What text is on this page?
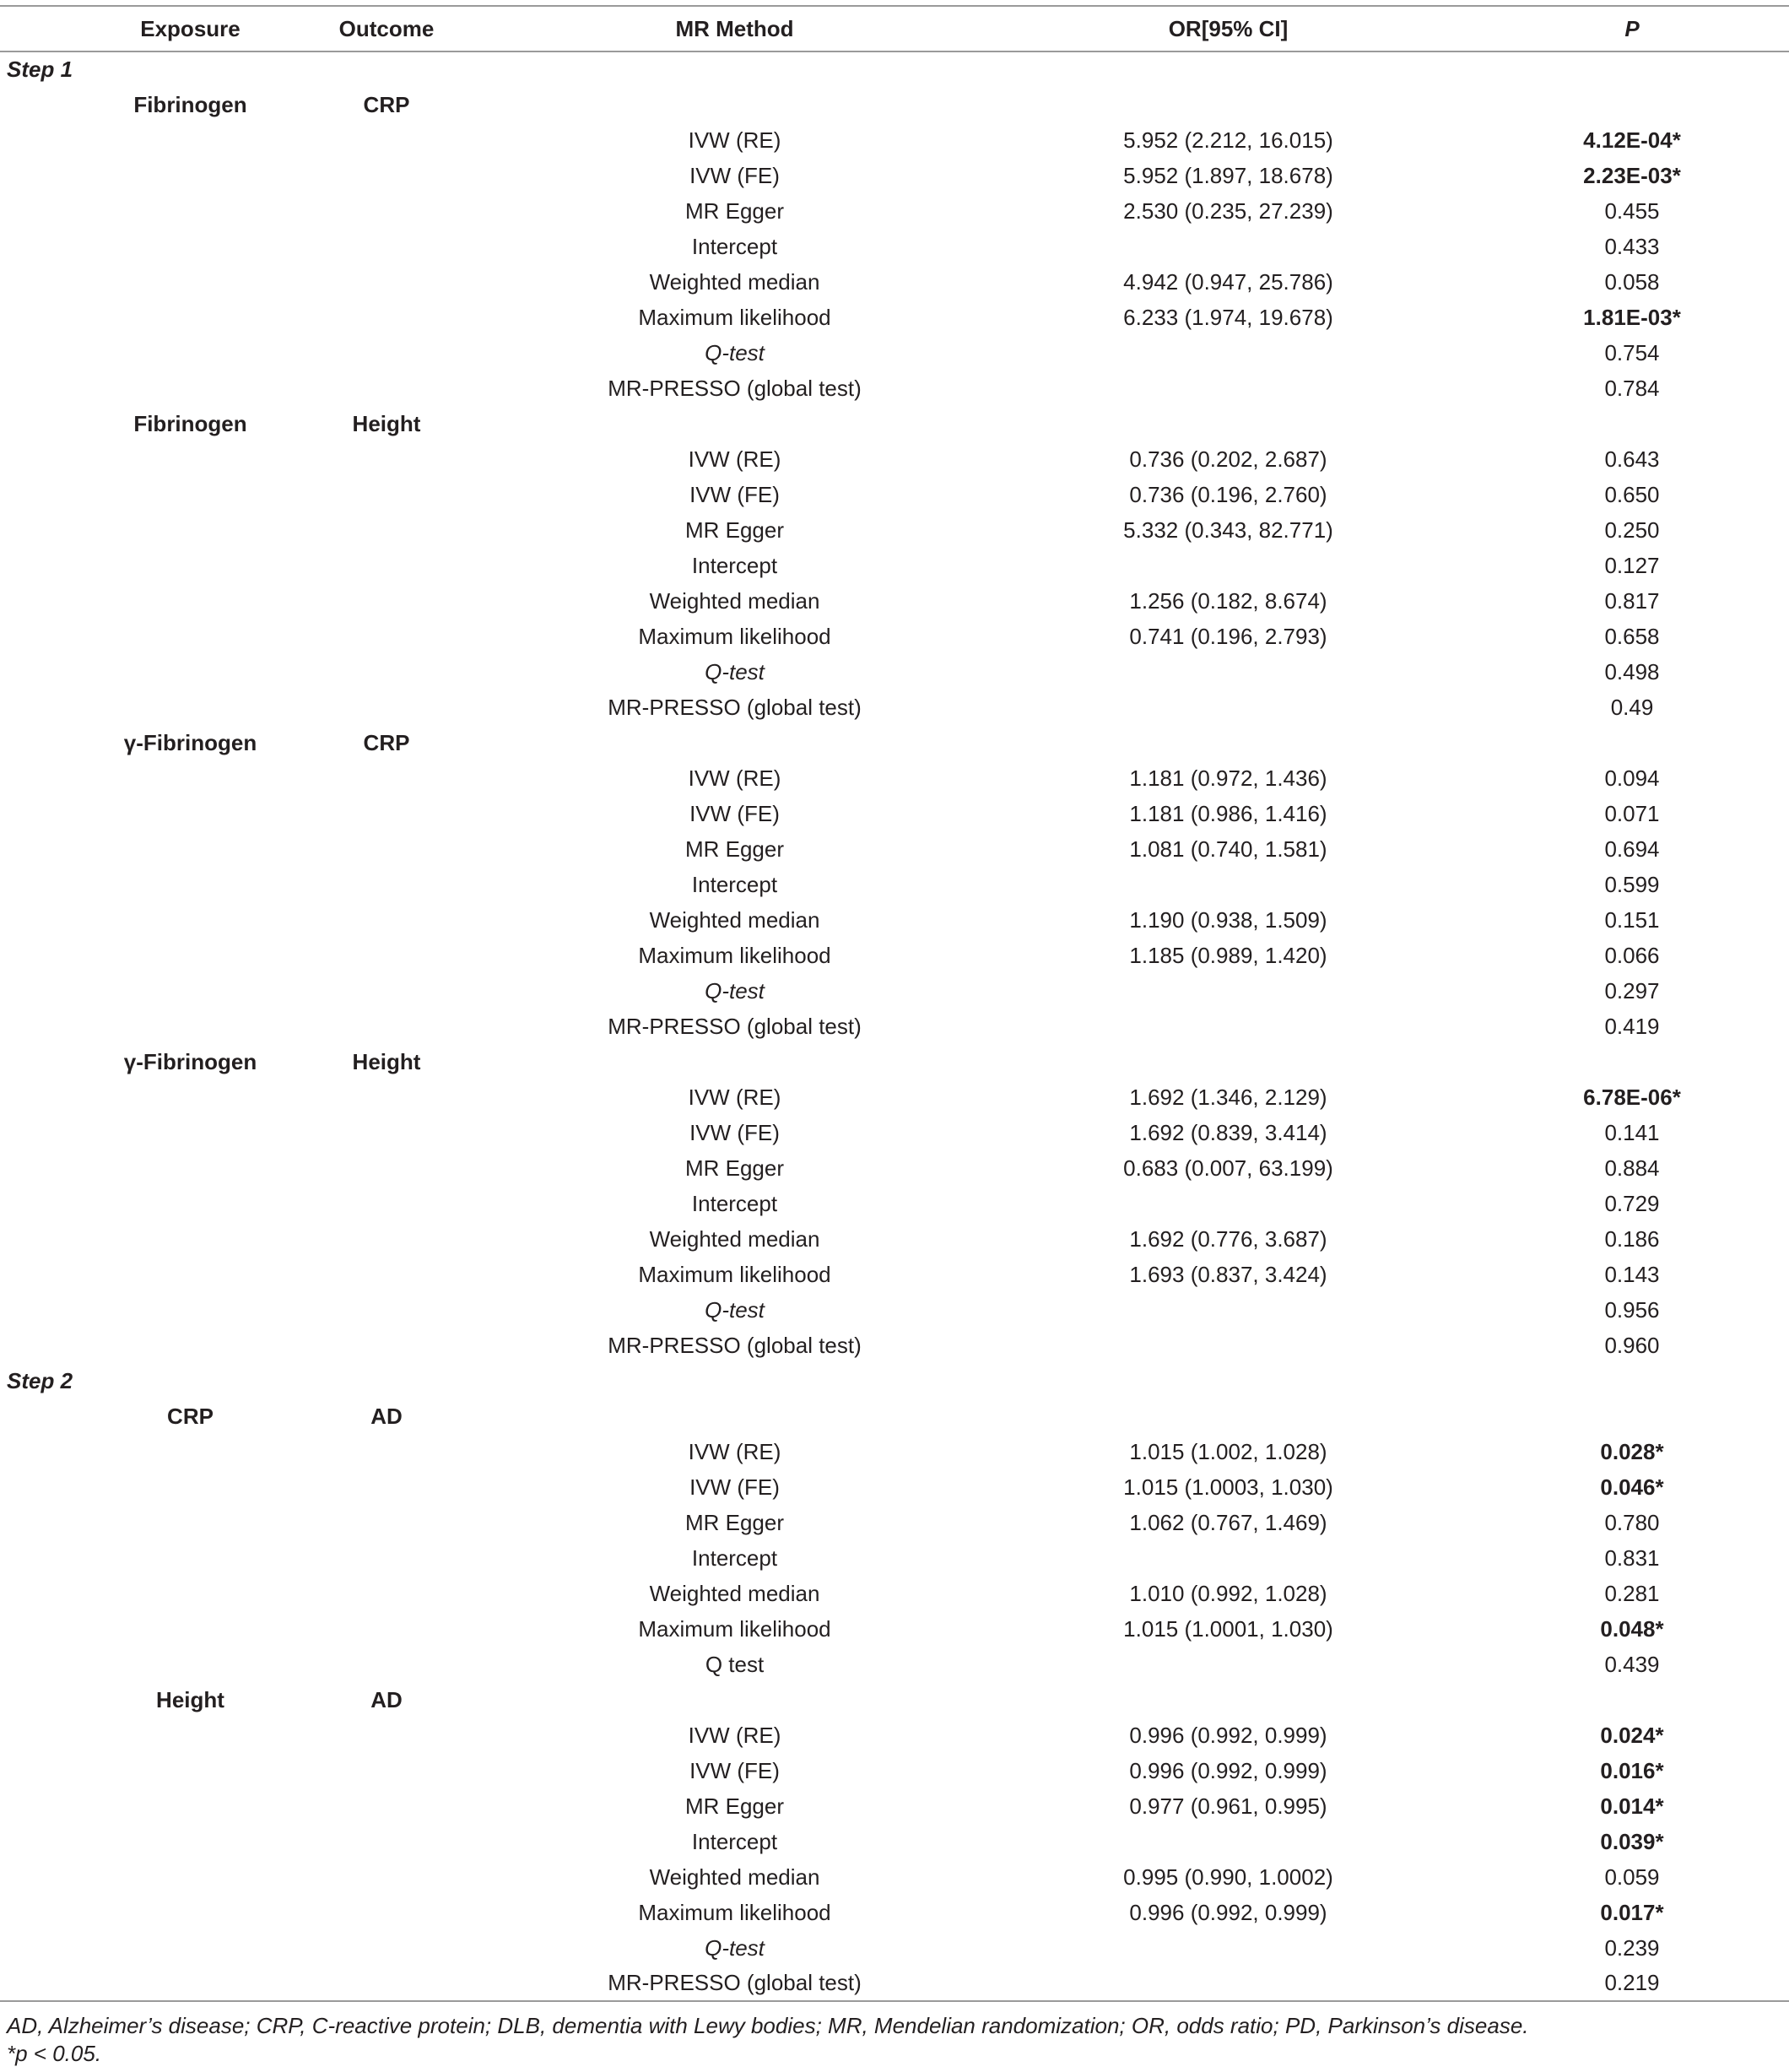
	Exposure	Outcome	MR Method	OR[95% CI]	P
Step 1					
	Fibrinogen	CRP			
			IVW (RE)	5.952 (2.212, 16.015)	4.12E-04*
			IVW (FE)	5.952 (1.897, 18.678)	2.23E-03*
			MR Egger	2.530 (0.235, 27.239)	0.455
			Intercept		0.433
			Weighted median	4.942 (0.947, 25.786)	0.058
			Maximum likelihood	6.233 (1.974, 19.678)	1.81E-03*
			Q-test		0.754
			MR-PRESSO (global test)		0.784
	Fibrinogen	Height			
			IVW (RE)	0.736 (0.202, 2.687)	0.643
			IVW (FE)	0.736 (0.196, 2.760)	0.650
			MR Egger	5.332 (0.343, 82.771)	0.250
			Intercept		0.127
			Weighted median	1.256 (0.182, 8.674)	0.817
			Maximum likelihood	0.741 (0.196, 2.793)	0.658
			Q-test		0.498
			MR-PRESSO (global test)		0.49
	γ-Fibrinogen	CRP			
			IVW (RE)	1.181 (0.972, 1.436)	0.094
			IVW (FE)	1.181 (0.986, 1.416)	0.071
			MR Egger	1.081 (0.740, 1.581)	0.694
			Intercept		0.599
			Weighted median	1.190 (0.938, 1.509)	0.151
			Maximum likelihood	1.185 (0.989, 1.420)	0.066
			Q-test		0.297
			MR-PRESSO (global test)		0.419
	γ-Fibrinogen	Height			
			IVW (RE)	1.692 (1.346, 2.129)	6.78E-06*
			IVW (FE)	1.692 (0.839, 3.414)	0.141
			MR Egger	0.683 (0.007, 63.199)	0.884
			Intercept		0.729
			Weighted median	1.692 (0.776, 3.687)	0.186
			Maximum likelihood	1.693 (0.837, 3.424)	0.143
			Q-test		0.956
			MR-PRESSO (global test)		0.960
Step 2					
	CRP	AD			
			IVW (RE)	1.015 (1.002, 1.028)	0.028*
			IVW (FE)	1.015 (1.0003, 1.030)	0.046*
			MR Egger	1.062 (0.767, 1.469)	0.780
			Intercept		0.831
			Weighted median	1.010 (0.992, 1.028)	0.281
			Maximum likelihood	1.015 (1.0001, 1.030)	0.048*
			Q test		0.439
	Height	AD			
			IVW (RE)	0.996 (0.992, 0.999)	0.024*
			IVW (FE)	0.996 (0.992, 0.999)	0.016*
			MR Egger	0.977 (0.961, 0.995)	0.014*
			Intercept		0.039*
			Weighted median	0.995 (0.990, 1.0002)	0.059
			Maximum likelihood	0.996 (0.992, 0.999)	0.017*
			Q-test		0.239
			MR-PRESSO (global test)		0.219

AD, Alzheimer’s disease; CRP, C-reactive protein; DLB, dementia with Lewy bodies; MR, Mendelian randomization; OR, odds ratio; PD, Parkinson’s disease.

*p < 0.05.
